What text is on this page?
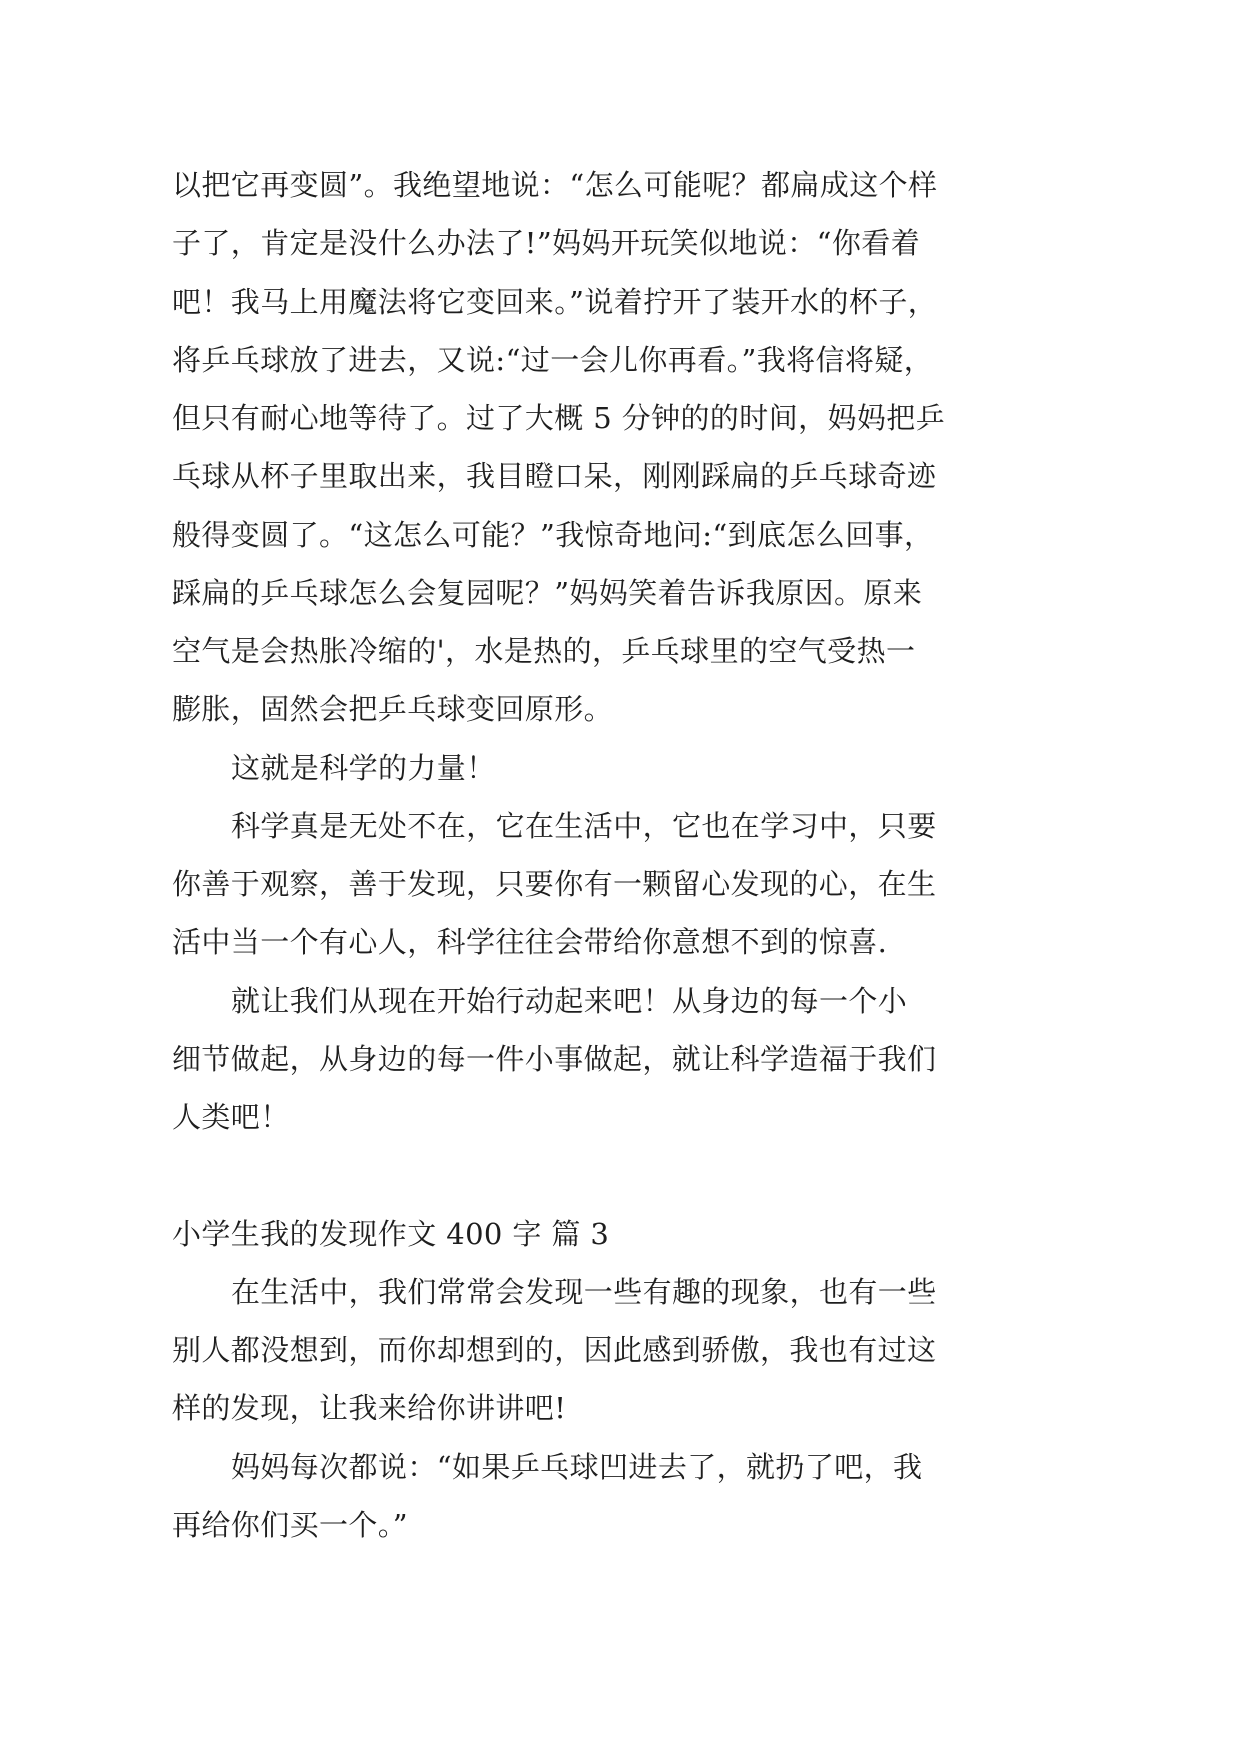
以把它再变圆”。我绝望地说：“怎么可能呢？都扁成这个样
子了，肯定是没什么办法了!”妈妈开玩笑似地说：“你看着
吧！我马上用魔法将它变回来。”说着拧开了装开水的杯子，
将乒乓球放了进去，又说:“过一会儿你再看。”我将信将疑，
但只有耐心地等待了。过了大概 5 分钟的的时间，妈妈把乒
乓球从杯子里取出来，我目瞪口呆，刚刚踩扁的乒乓球奇迹
般得变圆了。“这怎么可能？”我惊奇地问:“到底怎么回事，
踩扁的乒乓球怎么会复园呢？”妈妈笑着告诉我原因。原来
空气是会热胀冷缩的'，水是热的，乒乓球里的空气受热一
膨胀，固然会把乒乓球变回原形。
这就是科学的力量！
科学真是无处不在，它在生活中，它也在学习中，只要
你善于观察，善于发现，只要你有一颗留心发现的心，在生
活中当一个有心人，科学往往会带给你意想不到的惊喜.
就让我们从现在开始行动起来吧！从身边的每一个小
细节做起，从身边的每一件小事做起，就让科学造福于我们
人类吧！
小学生我的发现作文 400 字 篇 3
在生活中，我们常常会发现一些有趣的现象，也有一些
别人都没想到，而你却想到的，因此感到骄傲，我也有过这
样的发现，让我来给你讲讲吧!
妈妈每次都说：“如果乒乓球凹进去了，就扔了吧，我
再给你们买一个。”
